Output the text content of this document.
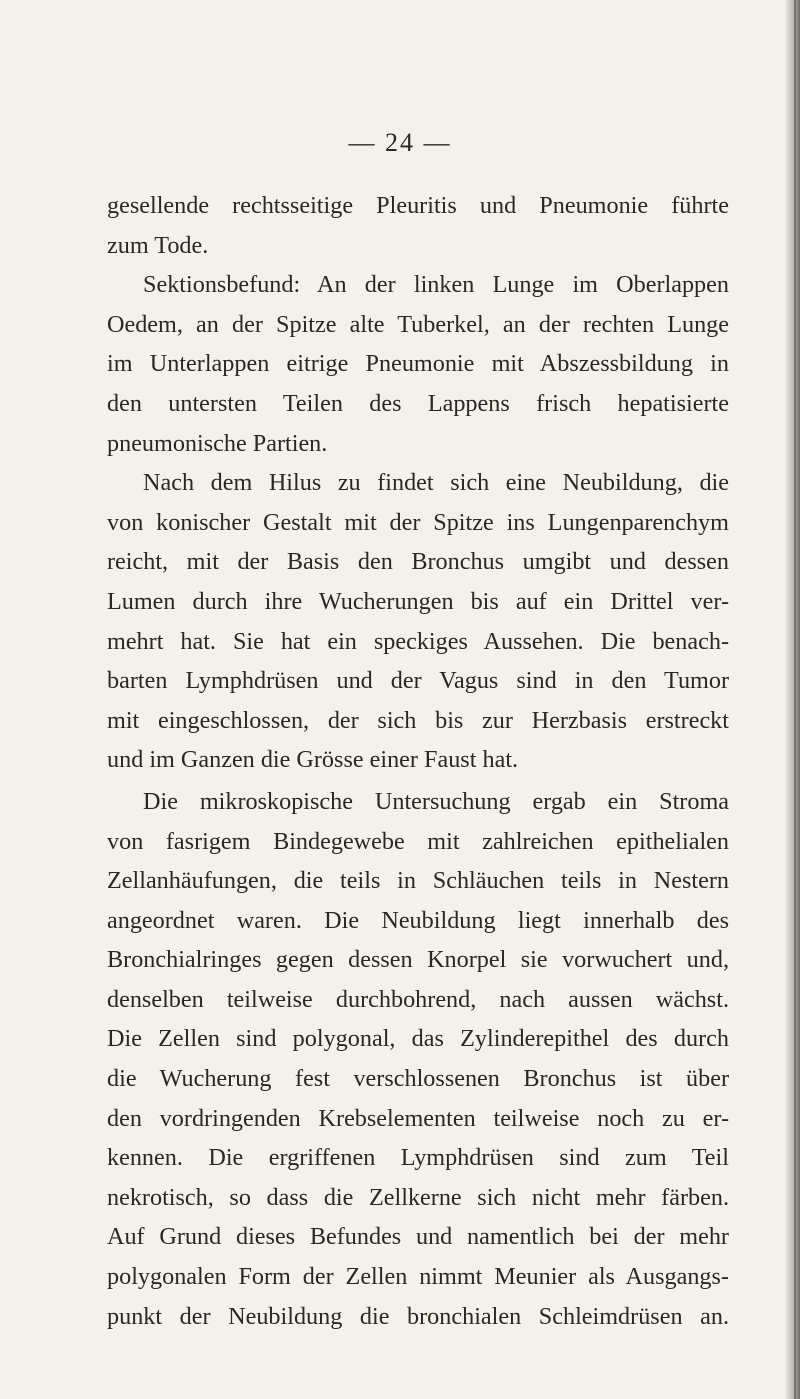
— 24 —
gesellende rechtsseitige Pleuritis und Pneumonie führte
zum Tode.
Sektionsbefund: An der linken Lunge im Oberlappen
Oedem, an der Spitze alte Tuberkel, an der rechten Lunge
im Unterlappen eitrige Pneumonie mit Abszessbildung in
den untersten Teilen des Lappens frisch hepatisierte
pneumonische Partien.
Nach dem Hilus zu findet sich eine Neubildung, die
von konischer Gestalt mit der Spitze ins Lungenparenchym
reicht, mit der Basis den Bronchus umgibt und dessen
Lumen durch ihre Wucherungen bis auf ein Drittel ver-
mehrt hat. Sie hat ein speckiges Aussehen. Die benach-
barten Lymphdrüsen und der Vagus sind in den Tumor
mit eingeschlossen, der sich bis zur Herzbasis erstreckt
und im Ganzen die Grösse einer Faust hat.
Die mikroskopische Untersuchung ergab ein Stroma
von fasrigem Bindegewebe mit zahlreichen epithelialen
Zellanhäufungen, die teils in Schläuchen teils in Nestern
angeordnet waren. Die Neubildung liegt innerhalb des
Bronchialringes gegen dessen Knorpel sie vorwuchert und,
denselben teilweise durchbohrend, nach aussen wächst.
Die Zellen sind polygonal, das Zylinderepithel des durch
die Wucherung fest verschlossenen Bronchus ist über
den vordringenden Krebselementen teilweise noch zu er-
kennen. Die ergriffenen Lymphdrüsen sind zum Teil
nekrotisch, so dass die Zellkerne sich nicht mehr färben.
Auf Grund dieses Befundes und namentlich bei der mehr
polygonalen Form der Zellen nimmt Meunier als Ausgangs-
punkt der Neubildung die bronchialen Schleimdrüsen an.
